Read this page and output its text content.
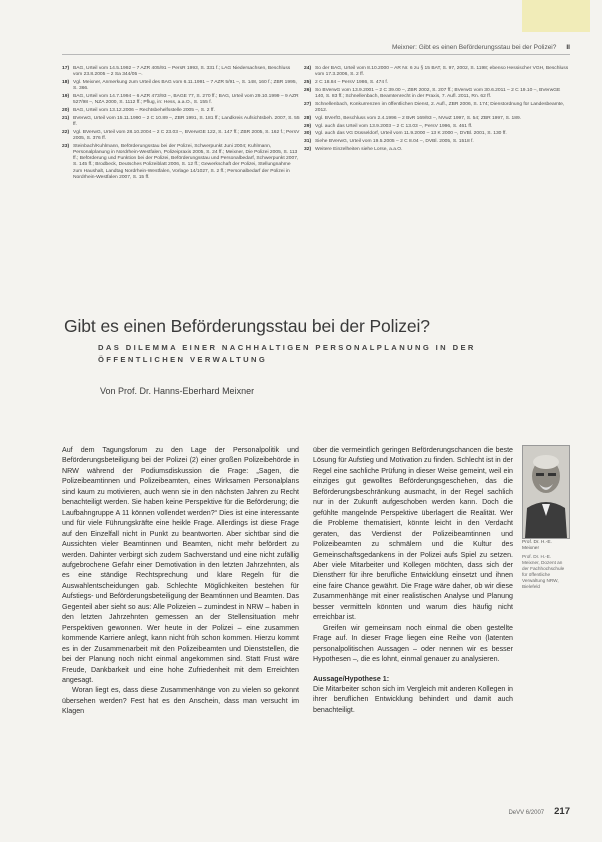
Meixner: Gibt es einen Beförderungsstau bei der Polizei? II
17) BAG, Urteil vom 14.5.1992 – 7 AZR 405/91 – PersR 1993, S. 331 f.; LAG Niedersachsen, Beschluss vom 23.8.2005 – 2 Sa 344/05 –.
18) Vgl. Meixner, Anmerkung zum Urteil des BAG vom 6.11.1991 – 7 AZR 5/91 –, S. 148, 160 f.; ZBR 1995, S. 366.
19) BAG, Urteil vom 14.7.1994 – 6 AZR 473/93 –, BAGE 77, S. 270 ff.; BAG, Urteil vom 29.10.1999 – 9 AZR 527/98 –, NZA 2000, S. 1112 ff.; Pflug, in: Hess, a.a.O., S. 155 f.
20) BAG, Urteil vom 13.12.2006 – Rechtsbehelfsstelle 2005 –, S. 2 ff.
21) BVerwG, Urteil vom 15.11.1990 – 2 C 10.89 –, ZBR 1991, S. 181 ff.; Landkreis Aufsichtsbeh. 2007, S. 55 ff.
22) Vgl. BVerwG, Urteil vom 28.10.2004 – 2 C 23.03 –, BVerwGE 122, S. 147 ff.; ZBR 2005, S. 162 f.; PersV 2005, S. 376 ff.
23) Steinbach/Kuhlmann, Beförderungsstau bei der Polizei, Schwerpunkt Juni 2004; Kuhlmann, Personalplanung in Nordrhein-Westfalen, Polizeipraxis 2005, S. 24 ff.; Meixner, Die Polizei 2005, S. 113 ff.; Beförderung und Funktion bei der Polizei, Beförderungsstau und Personalbedarf, Schwerpunkt 2007, S. 145 ff.; Brodbeck, Deutsches Polizeiblatt 2006, S. 12 ff.; Gewerkschaft der Polizei, Stellungnahme zum Haushalt, Landtag Nordrhein-Westfalen, Vorlage 14/1027, S. 2 ff.; Personalbedarf der Polizei in Nordrhein-Westfalen 2007, S. 15 ff.
24) So der BAG, Urteil vom 8.10.2000 – AR Nr. 6 zu § 15 BAT, S. 97, 2002, S. 1198; ebenso Hessischer VGH, Beschluss vom 17.3.2006, S. 2 ff.
25) 2 C 18.84 – PersV 1986, S. 474 f.
26) So BVerwG vom 13.9.2001 – 2 C 39.00 –, ZBR 2002, S. 207 ff.; BVerwG vom 30.6.2011 – 2 C 19.10 –, BVerwGE 140, S. 83 ff.; Schnellenbach, Beamtenrecht in der Praxis, 7. Aufl. 2011, Rn. 62 ff.
27) Schnellenbach, Konkurrenzen im öffentlichen Dienst, 2. Aufl., ZBR 2006, S. 174; Dienstordnung für Landesbeamte, 2012.
28) Vgl. BVerfG, Beschluss vom 2.4.1996 – 2 BvR 169/93 –, NVwZ 1997, S. 54; ZBR 1997, S. 189.
29) Vgl. auch das Urteil vom 13.9.2003 – 2 C 13.03 –, PersV 1996, S. 461 ff.
30) Vgl. auch das VG Düsseldorf, Urteil vom 11.9.2000 – 13 K 2000 –, DVBl. 2001, S. 130 ff.
31) Siehe BVerwG, Urteil vom 19.5.2005 – 2 C 8.04 –, DVBl. 2005, S. 1518 f.
32) Weitere Einzelheiten siehe Lorse, a.a.O.
Gibt es einen Beförderungsstau bei der Polizei?
DAS DILEMMA EINER NACHHALTIGEN PERSONALPLANUNG IN DER ÖFFENTLICHEN VERWALTUNG
Von Prof. Dr. Hanns-Eberhard Meixner

Auf dem Tagungsforum zu den Lage der Personalpolitik und Beförderungsbeteiligung bei der Polizei (2) einer großen Polizeibehörde in NRW während der Podiumsdiskussion die Frage: „Sagen, die Polizeibeamtinnen und Polizeibeamten, eines Wirksamen Personalplans sind kaum zu motivieren, auch wenn sie in den nächsten Jahren zu Recht benachteiligt werden. Sie haben keine Perspektive für die Beförderung; die Laufbahngruppe A 11 können vollendet werden?“ Dies ist eine interessante und für viele Führungskräfte eine heikle Frage. Allerdings ist diese Frage auf den Einzelfall nicht in Punkt zu beantworten. Aber sichtbar sind die Aussichten vieler Beamtinnen und Beamten, nicht mehr befördert zu werden. Dahinter verbirgt sich zudem Sachverstand und eine nicht zufällig aufgebrochene Gefahr einer Demotivation in den letzten Jahrzehnten, als es eine ständige Rechtsprechung und klare Regeln für die Auswahlentscheidungen gab. Schlechte Möglichkeiten bestehen für Aufstiegs- und Beförderungsbeteiligung der Beamtinnen und Beamten. Das Gegenteil aber sieht so aus: Alle Polizeien – zumindest in NRW – haben in den letzten Jahrzehnten gemessen an der Stellensituation mehr Perspektiven gewonnen. Wer heute in der Polizei – eine zusammen kommende Karriere anlegt, kann nicht früh schon kommen. Hierzu kommt es in der Zusammenarbeit mit den Polizeibeamten und Dienststellen, die bei der Planung noch nicht einmal angekommen sind. Statt Frust wäre Freude, Dankbarkeit und eine hohe Zufriedenheit mit dem Erreichten angesagt.

Woran liegt es, dass diese Zusammenhänge von zu vielen so gekonnt übersehen werden? Fest hat es den Anschein, dass man versucht im Klagen

über die vermeintlich geringen Beförderungschancen die beste Lösung für Aufstieg und Motivation zu finden. Schlecht ist in der Regel eine sachliche Prüfung in dieser Weise gemeint, weil ein einziges gut gewolltes Beförderungsgeschehen, das die Beförderungsbeschränkung ausmacht, in der Regel sachlich nur in der Zukunft aufgeschoben werden kann. Doch die gefühlte mangelnde Perspektive überlagert die Realität. Wer die Probleme thematisiert, könnte leicht in den Verdacht geraten, das Verdienst der Polizeibeamtinnen und Polizeibeamten zu schmälern und die Kultur des Gemeinschaftsgedankens in der Polizei aufs Spiel zu setzen. Aber viele Mitarbeiter und Kollegen möchten, dass sich der Dienstherr für ihre berufliche Entwicklung einsetzt und ihnen eine faire Chance gewährt. Die Frage wäre daher, ob wir diese Zusammenhänge mit einer realistischen Analyse und Planung besser vermitteln könnten und warum dies häufig nicht erreichbar ist.

Greifen wir gemeinsam noch einmal die oben gestellte Frage auf. In dieser Frage liegen eine Reihe von (latenten personalpolitischen Aussagen – oder nennen wir es besser Hypothesen –, die es lohnt, einmal genauer zu analysieren.

Aussage/Hypothese 1:

Die Mitarbeiter schon sich im Vergleich mit anderen Kollegen in ihrer beruflichen Entwicklung behindert und damit auch benachteiligt.

Prof. Dr. H.-E. Meixner
Prof. Dr. H.-E. Meixner, Dozent an der Fachhochschule für öffentliche Verwaltung NRW, Bielefeld
DeVV 6/2007 217
